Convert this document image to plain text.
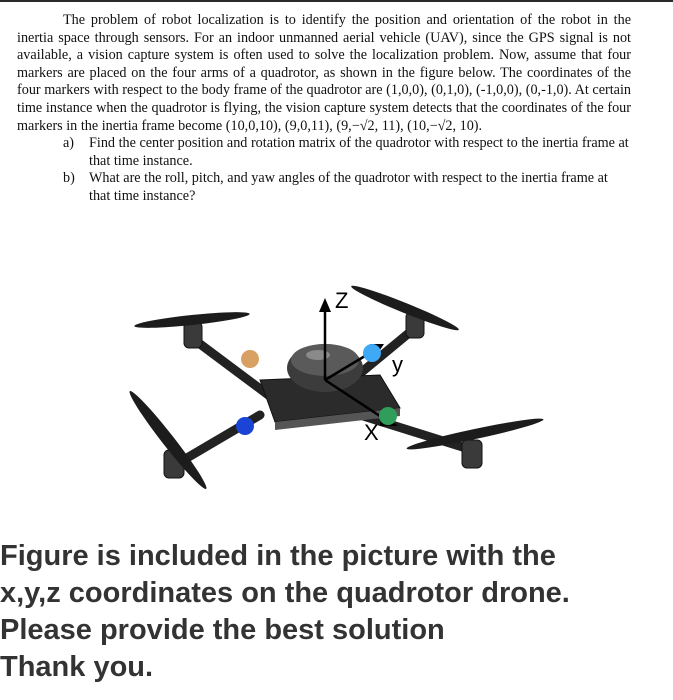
The problem of robot localization is to identify the position and orientation of the robot in the inertia space through sensors. For an indoor unmanned aerial vehicle (UAV), since the GPS signal is not available, a vision capture system is often used to solve the localization problem. Now, assume that four markers are placed on the four arms of a quadrotor, as shown in the figure below. The coordinates of the four markers with respect to the body frame of the quadrotor are (1,0,0), (0,1,0), (-1,0,0), (0,-1,0). At certain time instance when the quadrotor is flying, the vision capture system detects that the coordinates of the four markers in the inertia frame become (10,0,10), (9,0,11), (9,−√2, 11), (10,−√2, 10).

a) Find the center position and rotation matrix of the quadrotor with respect to the inertia frame at that time instance.
b) What are the roll, pitch, and yaw angles of the quadrotor with respect to the inertia frame at that time instance?
Z
y
X
Figure is included in the picture with the
x,y,z coordinates on the quadrotor drone.
Please provide the best solution
Thank you.
